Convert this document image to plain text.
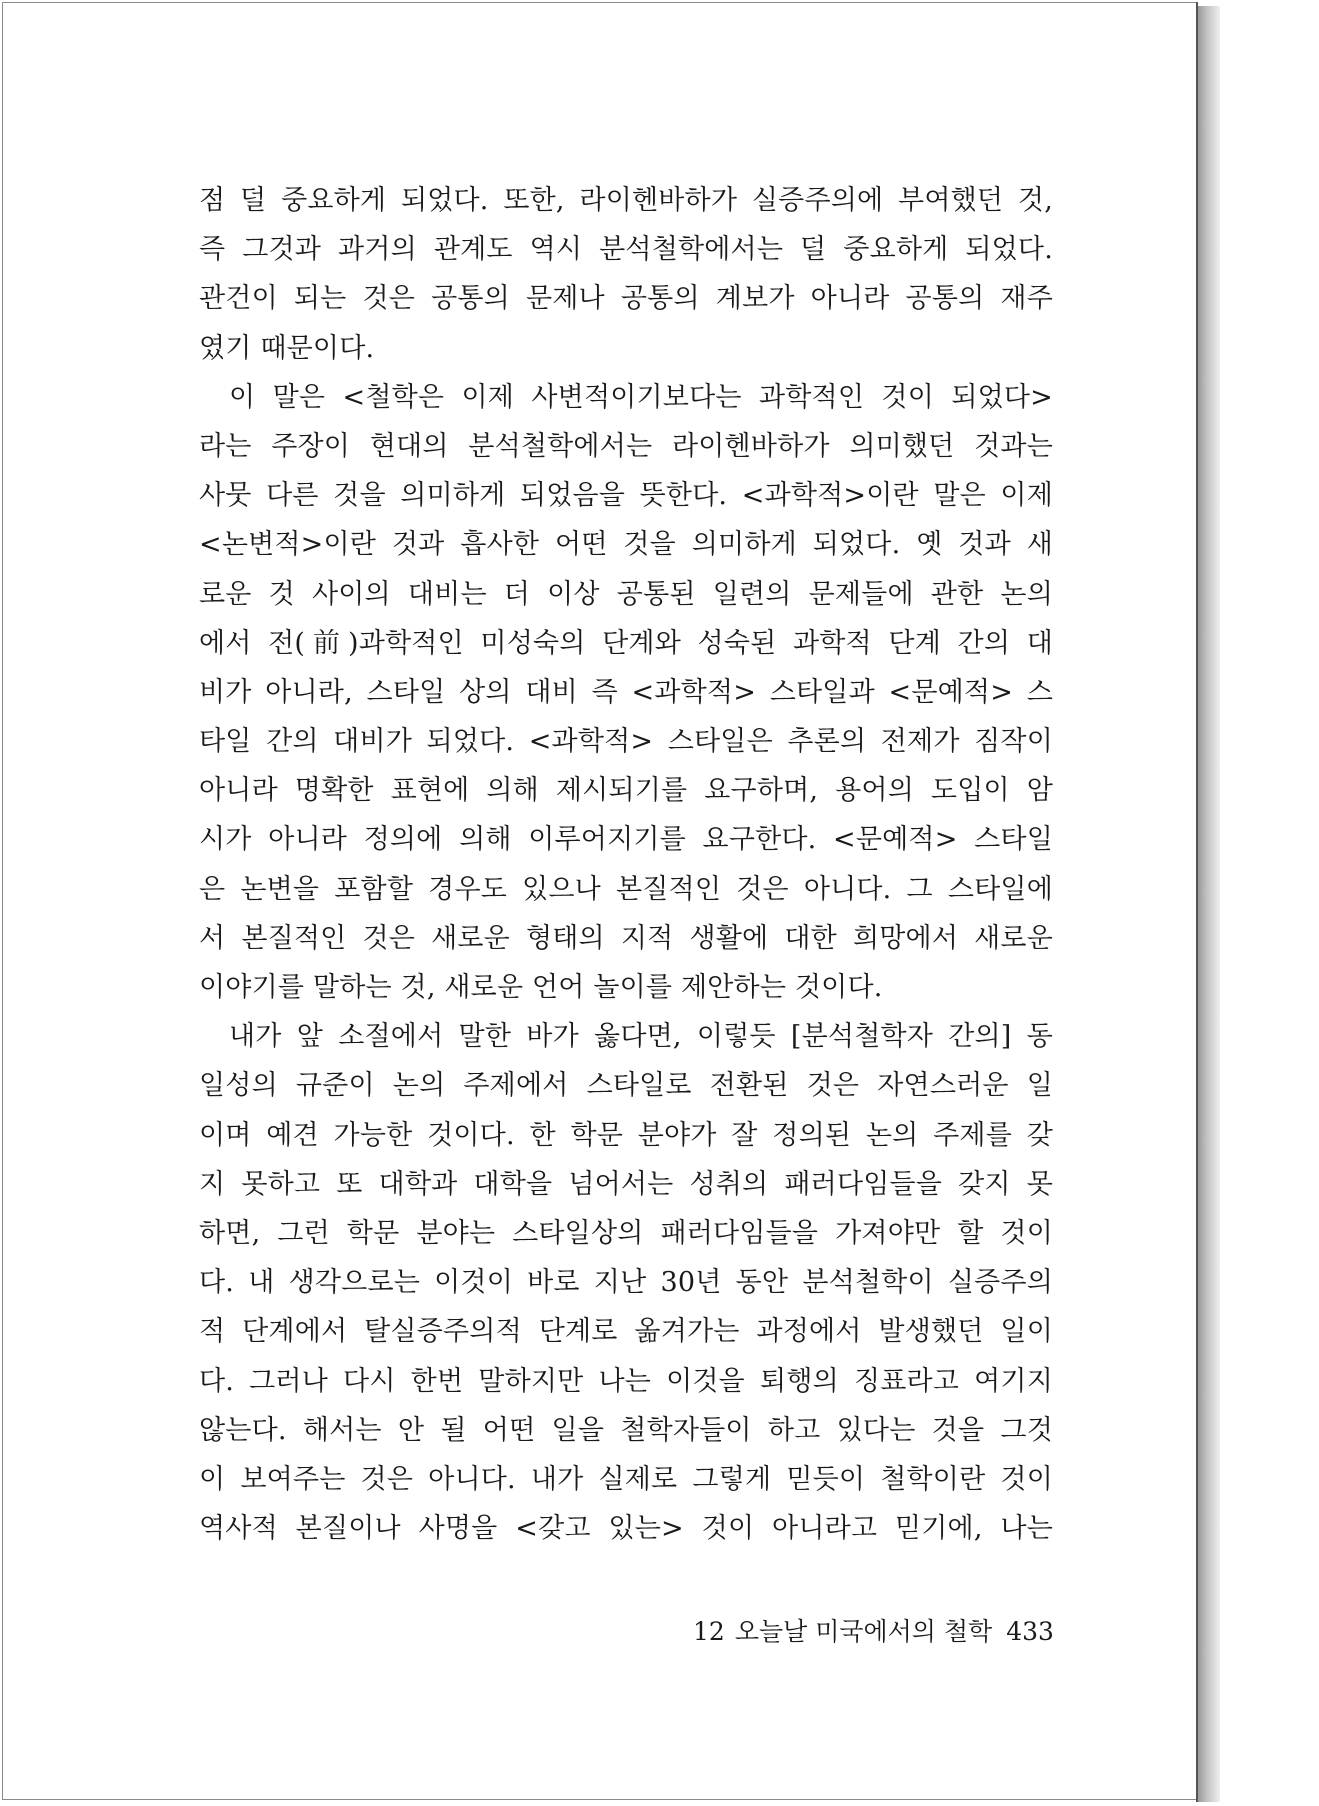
점 덜 중요하게 되었다. 또한, 라이헨바하가 실증주의에 부여했던 것,
즉 그것과 과거의 관계도 역시 분석철학에서는 덜 중요하게 되었다.
관건이 되는 것은 공통의 문제나 공통의 계보가 아니라 공통의 재주
였기 때문이다.
이 말은 <철학은 이제 사변적이기보다는 과학적인 것이 되었다>
라는 주장이 현대의 분석철학에서는 라이헨바하가 의미했던 것과는
사뭇 다른 것을 의미하게 되었음을 뜻한다. <과학적>이란 말은 이제
<논변적>이란 것과 흡사한 어떤 것을 의미하게 되었다. 옛 것과 새
로운 것 사이의 대비는 더 이상 공통된 일련의 문제들에 관한 논의
에서 전(前)과학적인 미성숙의 단계와 성숙된 과학적 단계 간의 대
비가 아니라, 스타일 상의 대비 즉 <과학적> 스타일과 <문예적> 스
타일 간의 대비가 되었다. <과학적> 스타일은 추론의 전제가 짐작이
아니라 명확한 표현에 의해 제시되기를 요구하며, 용어의 도입이 암
시가 아니라 정의에 의해 이루어지기를 요구한다. <문예적> 스타일
은 논변을 포함할 경우도 있으나 본질적인 것은 아니다. 그 스타일에
서 본질적인 것은 새로운 형태의 지적 생활에 대한 희망에서 새로운
이야기를 말하는 것, 새로운 언어 놀이를 제안하는 것이다.
내가 앞 소절에서 말한 바가 옳다면, 이렇듯 [분석철학자 간의] 동
일성의 규준이 논의 주제에서 스타일로 전환된 것은 자연스러운 일
이며 예견 가능한 것이다. 한 학문 분야가 잘 정의된 논의 주제를 갖
지 못하고 또 대학과 대학을 넘어서는 성취의 패러다임들을 갖지 못
하면, 그런 학문 분야는 스타일상의 패러다임들을 가져야만 할 것이
다. 내 생각으로는 이것이 바로 지난 30년 동안 분석철학이 실증주의
적 단계에서 탈실증주의적 단계로 옮겨가는 과정에서 발생했던 일이
다. 그러나 다시 한번 말하지만 나는 이것을 퇴행의 징표라고 여기지
않는다. 해서는 안 될 어떤 일을 철학자들이 하고 있다는 것을 그것
이 보여주는 것은 아니다. 내가 실제로 그렇게 믿듯이 철학이란 것이
역사적 본질이나 사명을 <갖고 있는> 것이 아니라고 믿기에, 나는
12 오늘날 미국에서의 철학 433
